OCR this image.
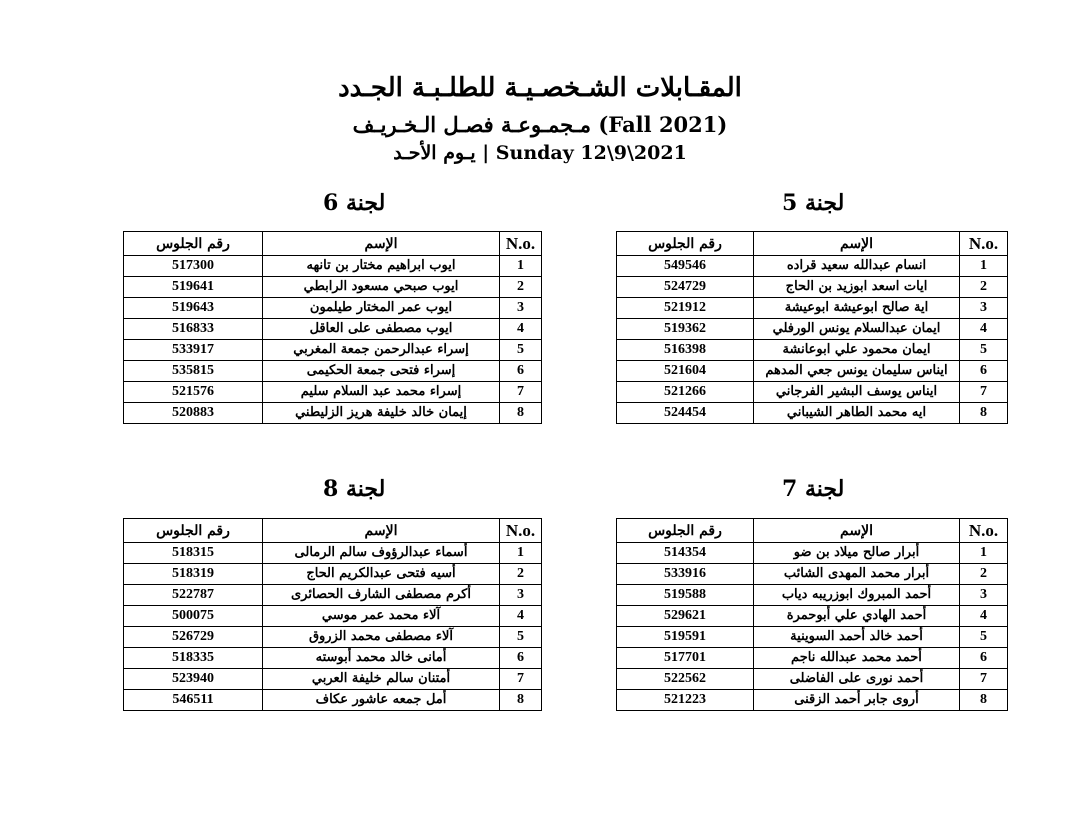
المقـابلات الشـخصـيـة للطلـبـة الجـدد
مـجمـوعـة فصـل الـخـريـف (Fall 2021)
يـوم الأحـد | Sunday 12\9\2021
لجنة 5
رقم الجلوس	الإسم	N.o.
549546	انسام عبدالله سعيد قراده	1
524729	ايات اسعد ابوزيد بن الحاج	2
521912	اية صالح ابوعيشة ابوعيشة	3
519362	ايمان عبدالسلام يونس الورفلي	4
516398	ايمان محمود علي ابوعانشة	5
521604	ايناس سليمان يونس جعي المدهم	6
521266	ايناس يوسف البشير الفرجاني	7
524454	ايه محمد الطاهر الشيباني	8
لجنة 6
رقم الجلوس	الإسم	N.o.
517300	ايوب ابراهيم مختار بن تانهه	1
519641	ايوب صبحي مسعود الرابطي	2
519643	ايوب عمر المختار طيلمون	3
516833	ايوب مصطفى على العاقل	4
533917	إسراء عبدالرحمن جمعة المغربي	5
535815	إسراء فتحى جمعة الحكيمى	6
521576	إسراء محمد عبد السلام سليم	7
520883	إيمان خالد خليفة هريز الزليطني	8
لجنة 7
رقم الجلوس	الإسم	N.o.
514354	أبرار صالح ميلاد بن ضو	1
533916	أبرار محمد المهدى الشائب	2
519588	أحمد المبروك ابوزريبه دياب	3
529621	أحمد الهادي علي أبوحمرة	4
519591	أحمد خالد أحمد السوينية	5
517701	أحمد محمد عبدالله ناجم	6
522562	أحمد نورى على الفاضلى	7
521223	أروى جابر أحمد الزقنى	8
لجنة 8
رقم الجلوس	الإسم	N.o.
518315	أسماء عبدالرؤوف سالم الرمالى	1
518319	أسيه فتحى عبدالكريم الحاج	2
522787	أكرم مصطفى الشارف الحصائرى	3
500075	آلاء محمد عمر موسي	4
526729	آلاء مصطفى محمد الزروق	5
518335	أمانى خالد محمد أبوسته	6
523940	أمتنان سالم خليفة العربي	7
546511	أمل جمعه عاشور عكاف	8
